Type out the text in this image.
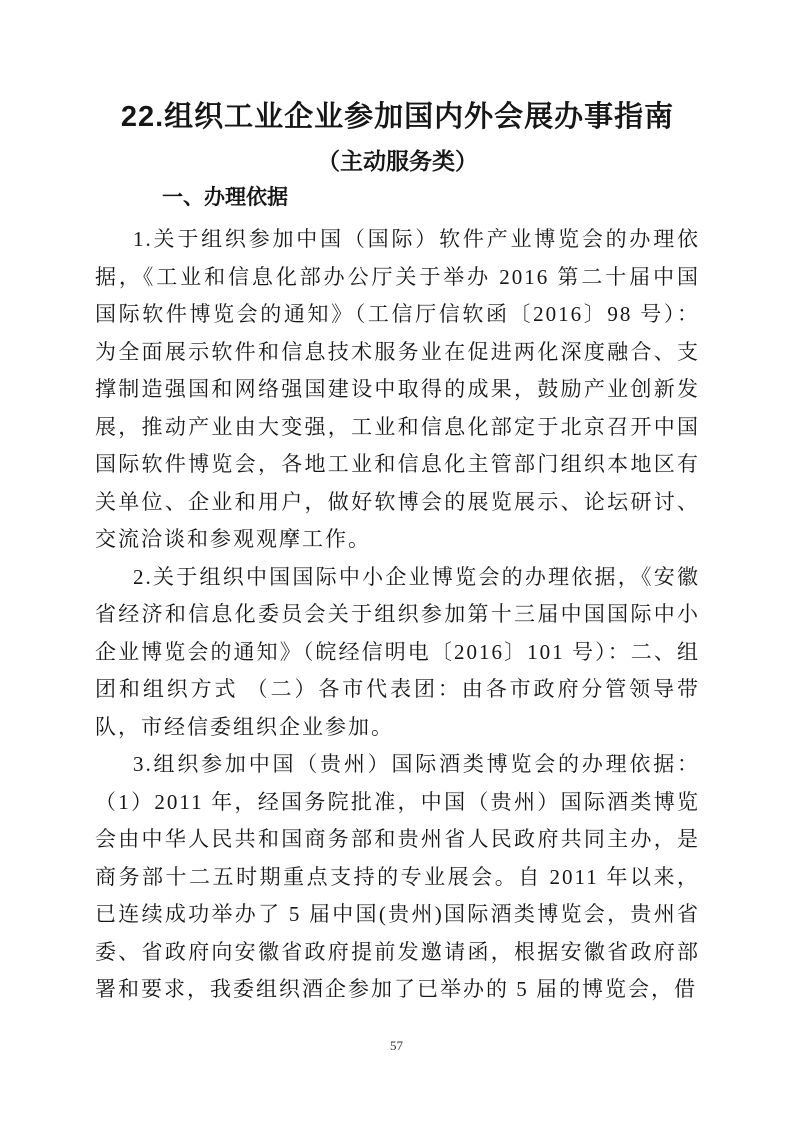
22.组织工业企业参加国内外会展办事指南
（主动服务类）
一、办理依据

1.关于组织参加中国（国际）软件产业博览会的办理依据，《工业和信息化部办公厅关于举办 2016 第二十届中国国际软件博览会的通知》（工信厅信软函〔2016〕98 号）：为全面展示软件和信息技术服务业在促进两化深度融合、支撑制造强国和网络强国建设中取得的成果，鼓励产业创新发展，推动产业由大变强，工业和信息化部定于北京召开中国国际软件博览会，各地工业和信息化主管部门组织本地区有关单位、企业和用户，做好软博会的展览展示、论坛研讨、交流洽谈和参观观摩工作。

2.关于组织中国国际中小企业博览会的办理依据，《安徽省经济和信息化委员会关于组织参加第十三届中国国际中小企业博览会的通知》（皖经信明电〔2016〕101 号）：二、组团和组织方式 （二）各市代表团：由各市政府分管领导带队，市经信委组织企业参加。

3.组织参加中国（贵州）国际酒类博览会的办理依据：（1）2011 年，经国务院批准，中国（贵州）国际酒类博览会由中华人民共和国商务部和贵州省人民政府共同主办，是商务部十二五时期重点支持的专业展会。自 2011 年以来，已连续成功举办了 5 届中国(贵州)国际酒类博览会，贵州省委、省政府向安徽省政府提前发邀请函，根据安徽省政府部署和要求，我委组织酒企参加了已举办的 5 届的博览会，借

57
